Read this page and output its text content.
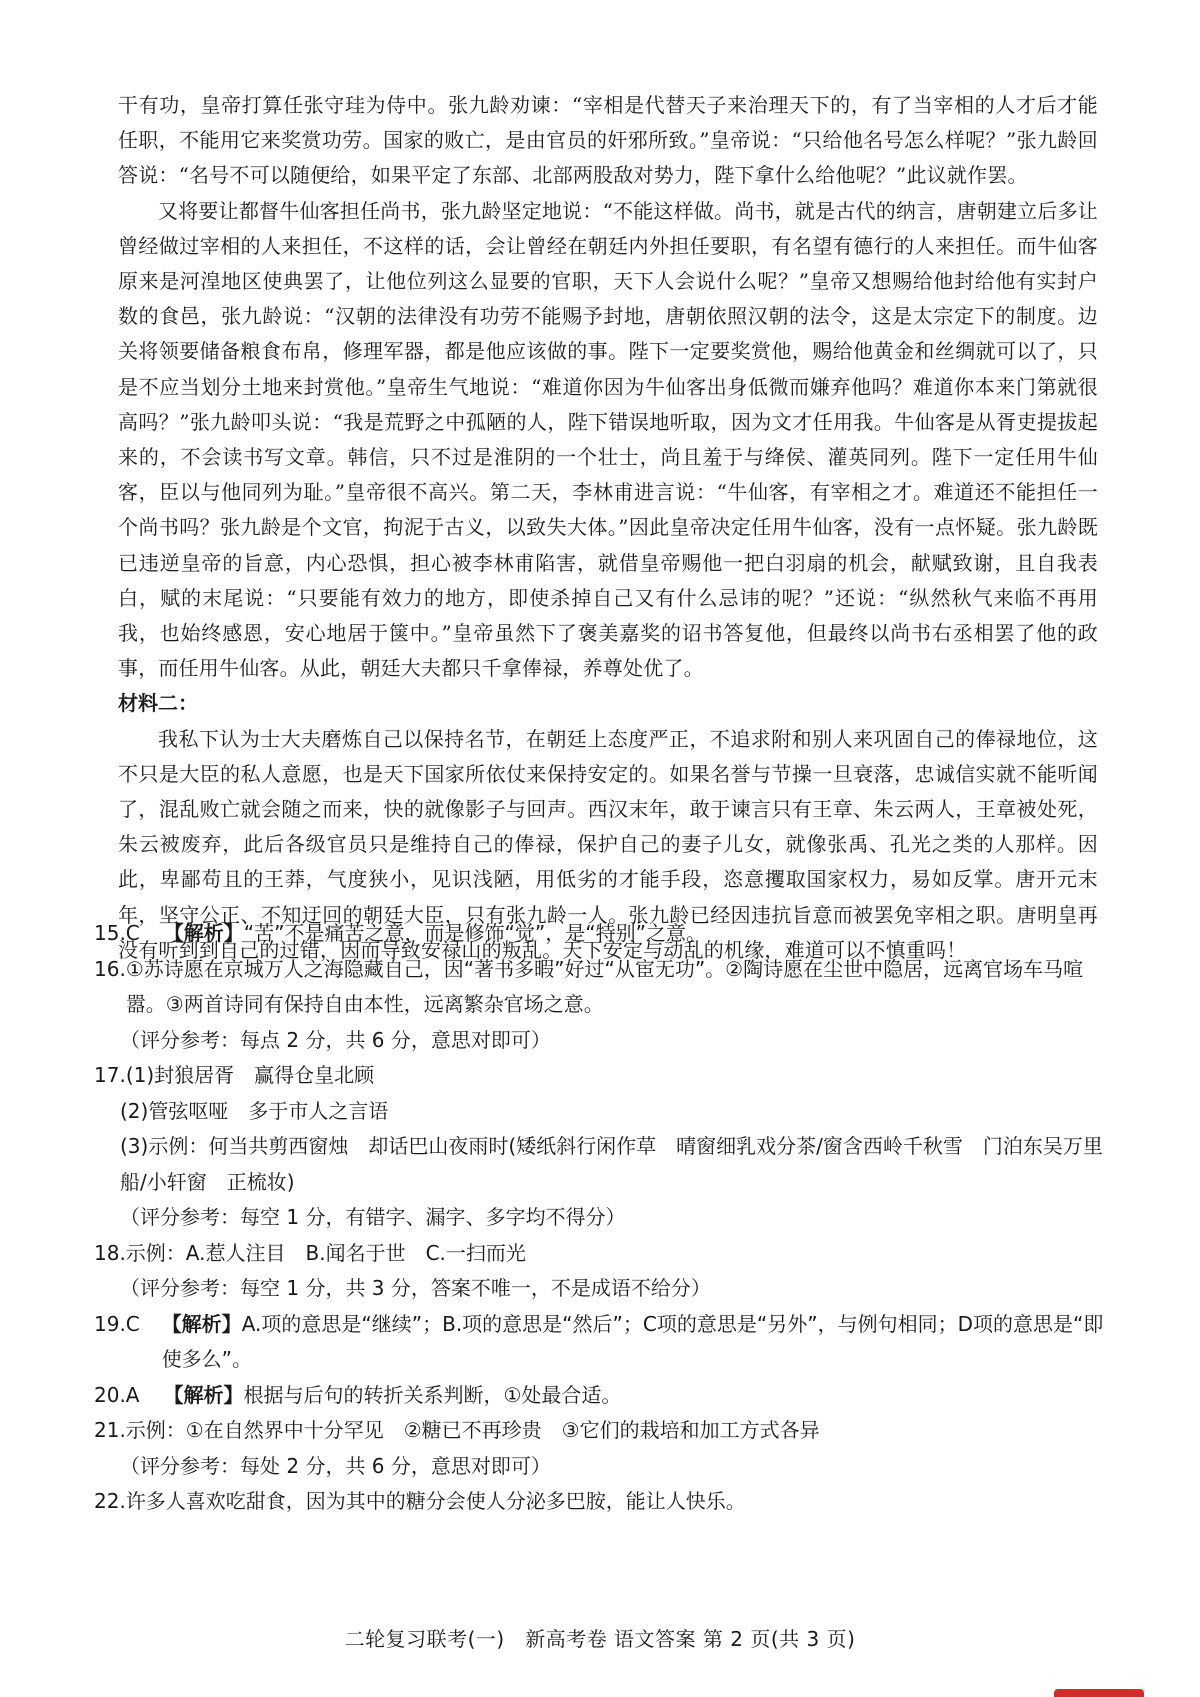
干有功，皇帝打算任张守珪为侍中。张九龄劝谏：“宰相是代替天子来治理天下的，有了当宰相的人才后才能任职，不能用它来奖赏功劳。国家的败亡，是由官员的奸邪所致。”皇帝说：“只给他名号怎么样呢？”张九龄回答说：“名号不可以随便给，如果平定了东部、北部两股敌对势力，陛下拿什么给他呢？”此议就作罢。

又将要让都督牛仙客担任尚书，张九龄坚定地说：“不能这样做。尚书，就是古代的纳言，唐朝建立后多让曾经做过宰相的人来担任，不这样的话，会让曾经在朝廷内外担任要职，有名望有德行的人来担任。而牛仙客原来是河湟地区使典罢了，让他位列这么显要的官职，天下人会说什么呢？”皇帝又想赐给他封给他有实封户数的食邑，张九龄说：“汉朝的法律没有功劳不能赐予封地，唐朝依照汉朝的法令，这是太宗定下的制度。边关将领要储备粮食布帛，修理军器，都是他应该做的事。陛下一定要奖赏他，赐给他黄金和丝绸就可以了，只是不应当划分土地来封赏他。”皇帝生气地说：“难道你因为牛仙客出身低微而嫌弃他吗？难道你本来门第就很高吗？”张九龄叩头说：“我是荒野之中孤陋的人，陛下错误地听取，因为文才任用我。牛仙客是从胥吏提拔起来的，不会读书写文章。韩信，只不过是淮阴的一个壮士，尚且羞于与绛侯、灌英同列。陛下一定任用牛仙客，臣以与他同列为耻。”皇帝很不高兴。第二天，李林甫进言说：“牛仙客，有宰相之才。难道还不能担任一个尚书吗？张九龄是个文官，拘泥于古义，以致失大体。”因此皇帝决定任用牛仙客，没有一点怀疑。张九龄既已违逆皇帝的旨意，内心恐惧，担心被李林甫陷害，就借皇帝赐他一把白羽扇的机会，献赋致谢，且自我表白，赋的末尾说：“只要能有效力的地方，即使杀掉自己又有什么忌讳的呢？”还说：“纵然秋气来临不再用我，也始终感恩，安心地居于箧中。”皇帝虽然下了褒美嘉奖的诏书答复他，但最终以尚书右丞相罢了他的政事，而任用牛仙客。从此，朝廷大夫都只千拿俸禄，养尊处优了。

材料二：

我私下认为士大夫磨炼自己以保持名节，在朝廷上态度严正，不追求附和别人来巩固自己的俸禄地位，这不只是大臣的私人意愿，也是天下国家所依仗来保持安定的。如果名誉与节操一旦衰落，忠诚信实就不能听闻了，混乱败亡就会随之而来，快的就像影子与回声。西汉末年，敢于谏言只有王章、朱云两人，王章被处死，朱云被废弃，此后各级官员只是维持自己的俸禄，保护自己的妻子儿女，就像张禹、孔光之类的人那样。因此，卑鄙苟且的王莽，气度狭小，见识浅陋，用低劣的才能手段，恣意攫取国家权力，易如反掌。唐开元末年，坚守公正、不知迂回的朝廷大臣，只有张九龄一人。张九龄已经因违抗旨意而被罢免宰相之职。唐明皇再没有听到到自己的过错，因而导致安禄山的叛乱。天下安定与动乱的机缘，难道可以不慎重吗！

15.C 【解析】“苦”不是痛苦之意，而是修饰“觉”，是“特别”之意。
16. ①苏诗愿在京城万人之海隐藏自己，因“著书多暇”好过“从宦无功”。②陶诗愿在尘世中隐居，远离官场车马喧嚣。③两首诗同有保持自由本性，远离繁杂官场之意。
（评分参考：每点 2 分，共 6 分，意思对即可）
17. (1)封狼居胥　赢得仓皇北顾
(2)管弦呕哑　多于市人之言语
(3)示例：何当共剪西窗烛　却话巴山夜雨时(矮纸斜行闲作草　晴窗细乳戏分茶/窗含西岭千秋雪　门泊东吴万里船/小轩窗　正梳妆)
（评分参考：每空 1 分，有错字、漏字、多字均不得分）
18. 示例：A.惹人注目　B.闻名于世　C.一扫而光
（评分参考：每空 1 分，共 3 分，答案不唯一，不是成语不给分）
19.C 【解析】A.项的意思是“继续”；B.项的意思是“然后”；C项的意思是“另外”，与例句相同；D项的意思是“即使多么”。
20.A 【解析】根据与后句的转折关系判断，①处最合适。
21. 示例：①在自然界中十分罕见　②糖已不再珍贵　③它们的栽培和加工方式各异
（评分参考：每处 2 分，共 6 分，意思对即可）
22. 许多人喜欢吃甜食，因为其中的糖分会使人分泌多巴胺，能让人快乐。
二轮复习联考(一)　新高考卷 语文答案 第 2 页(共 3 页)
